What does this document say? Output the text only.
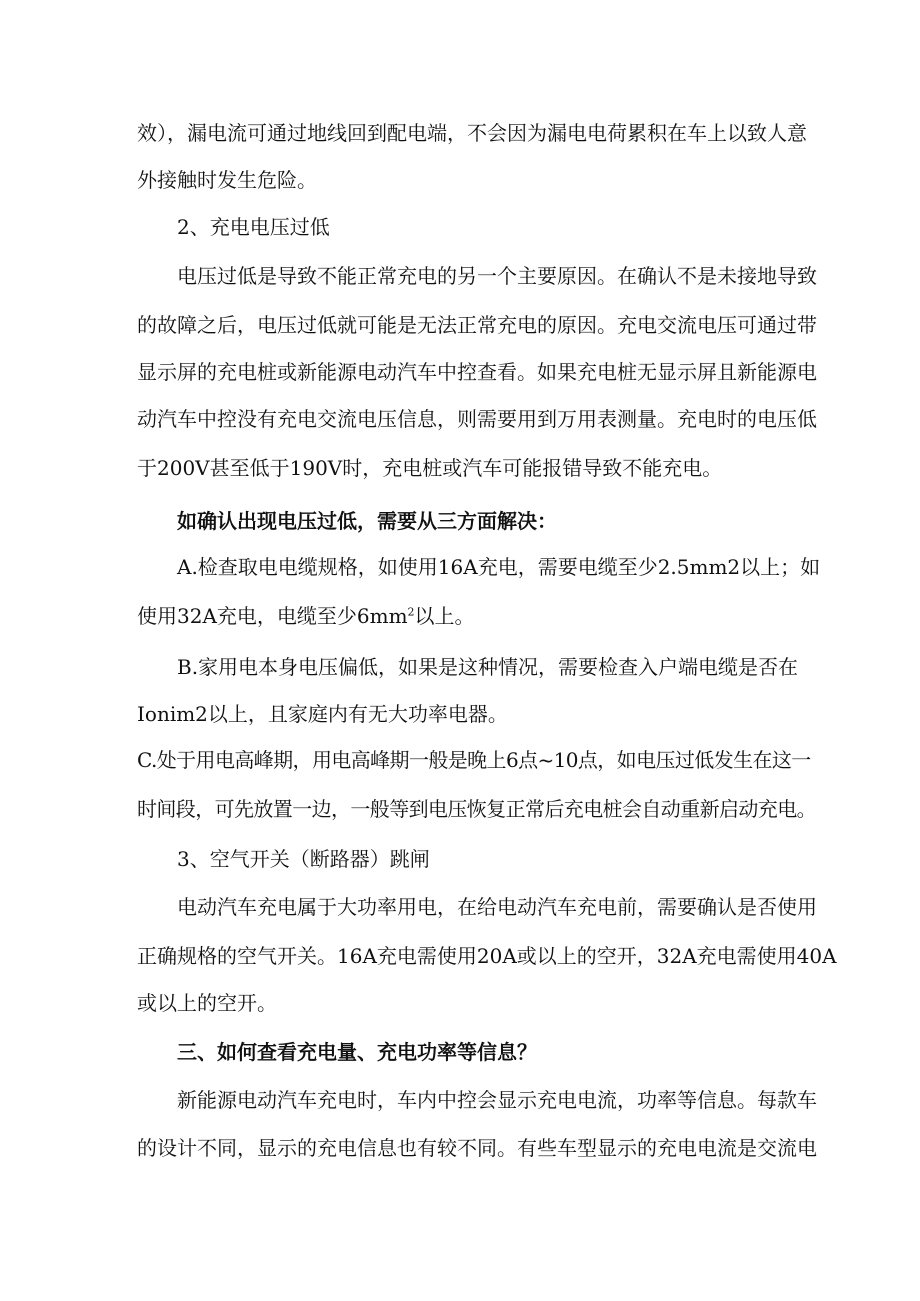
效），漏电流可通过地线回到配电端，不会因为漏电电荷累积在车上以致人意
外接触时发生危险。
2、充电电压过低
电压过低是导致不能正常充电的另一个主要原因。在确认不是未接地导致
的故障之后，电压过低就可能是无法正常充电的原因。充电交流电压可通过带
显示屏的充电桩或新能源电动汽车中控查看。如果充电桩无显示屏且新能源电
动汽车中控没有充电交流电压信息，则需要用到万用表测量。充电时的电压低
于200V甚至低于190V时，充电桩或汽车可能报错导致不能充电。
如确认出现电压过低，需要从三方面解决：
A.检查取电电缆规格，如使用16A充电，需要电缆至少2.5mm2以上；如
使用32A充电，电缆至少$6mm^2$以上。
B.家用电本身电压偏低，如果是这种情况，需要检查入户端电缆是否在
Ionim2以上，且家庭内有无大功率电器。
C.处于用电高峰期，用电高峰期一般是晚上6点~10点，如电压过低发生在这一
时间段，可先放置一边，一般等到电压恢复正常后充电桩会自动重新启动充电。
3、空气开关（断路器）跳闸
电动汽车充电属于大功率用电，在给电动汽车充电前，需要确认是否使用
正确规格的空气开关。16A充电需使用20A或以上的空开，32A充电需使用40A
或以上的空开。
三、如何查看充电量、充电功率等信息？
新能源电动汽车充电时，车内中控会显示充电电流，功率等信息。每款车
的设计不同，显示的充电信息也有较不同。有些车型显示的充电电流是交流电
